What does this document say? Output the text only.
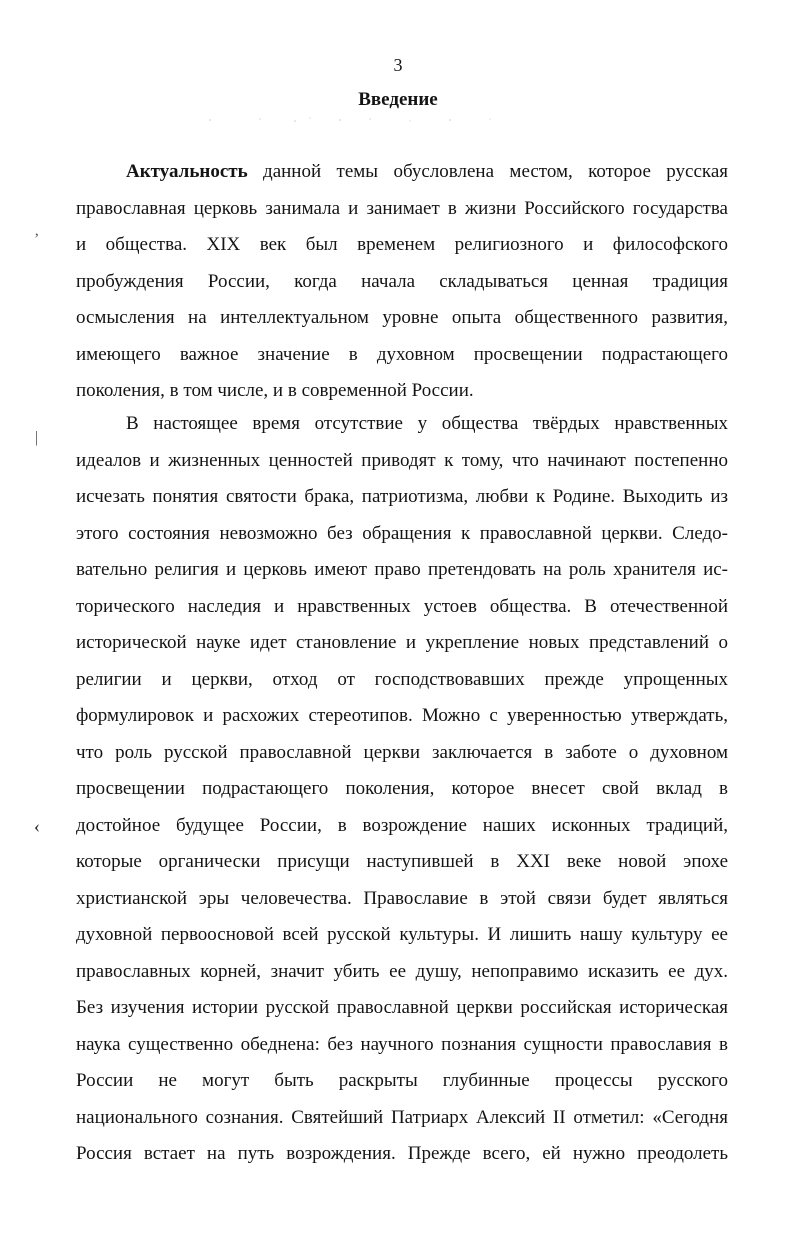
3
Введение
’
|
‹
Актуальность данной темы обусловлена местом, которое русская
православная церковь занимала и занимает в жизни Российского государства
и общества. XIX век был временем религиозного и философского
пробуждения России, когда начала складываться ценная традиция
осмысления на интеллектуальном уровне опыта общественного развития,
имеющего важное значение в духовном просвещении подрастающего
поколения, в том числе, и в современной России.
В настоящее время отсутствие у общества твёрдых нравственных
идеалов и жизненных ценностей приводят к тому, что начинают постепенно
исчезать понятия святости брака, патриотизма, любви к Родине. Выходить из
этого состояния невозможно без обращения к православной церкви. Следо-
вательно религия и церковь имеют право претендовать на роль хранителя ис-
торического наследия и нравственных устоев общества. В отечественной
исторической науке идет становление и укрепление новых представлений о
религии и церкви, отход от господствовавших прежде упрощенных
формулировок и расхожих стереотипов. Можно с уверенностью утверждать,
что роль русской православной церкви заключается в заботе о духовном
просвещении подрастающего поколения, которое внесет свой вклад в
достойное будущее России, в возрождение наших исконных традиций,
которые органически присущи наступившей в XXI веке новой эпохе
христианской эры человечества. Православие в этой связи будет являться
духовной первоосновой всей русской культуры. И лишить нашу культуру ее
православных корней, значит убить ее душу, непоправимо исказить ее дух.
Без изучения истории русской православной церкви российская историческая
наука существенно обеднена: без научного познания сущности православия в
России не могут быть раскрыты глубинные процессы русского
национального сознания. Святейший Патриарх Алексий II отметил: «Сегодня
Россия встает на путь возрождения. Прежде всего, ей нужно преодолеть
